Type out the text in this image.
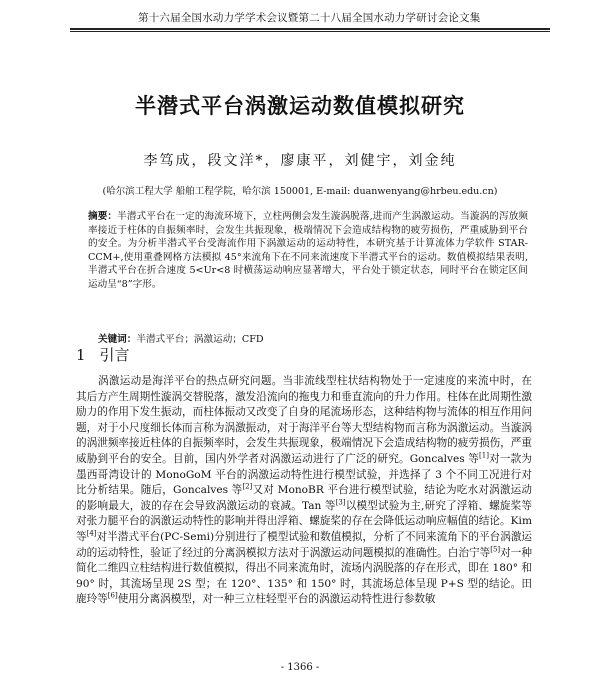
第十六届全国水动力学学术会议暨第二十八届全国水动力学研讨会论文集
半潜式平台涡激运动数值模拟研究
李笃成，段文洋*，廖康平，刘健宇，刘金纯
(哈尔滨工程大学 船舶工程学院，哈尔滨 150001, E-mail: duanwenyang@hrbeu.edu.cn)
摘要：半潜式平台在一定的海流环境下，立柱两侧会发生漩涡脱落,进而产生涡激运动。当漩涡的泻放频率接近于柱体的自振频率时，会发生共振现象，极端情况下会造成结构物的疲劳损伤，严重威胁到平台的安全。为分析半潜式平台受海流作用下涡激运动的运动特性，本研究基于计算流体力学软件 STAR-CCM+,使用重叠网格方法模拟 45°来流角下在不同来流速度下半潜式平台的运动。数值模拟结果表明,半潜式平台在折合速度 5<Ur<8 时横荡运动响应显著增大，平台处于锁定状态，同时平台在锁定区间运动呈“8”字形。
关键词：半潜式平台；涡激运动；CFD
1 引言
涡激运动是海洋平台的热点研究问题。当非流线型柱状结构物处于一定速度的来流中时，在其后方产生周期性漩涡交替脱落，激发沿流向的拖曳力和垂直流向的升力作用。柱体在此周期性激励力的作用下发生振动，而柱体振动又改变了自身的尾流场形态，这种结构物与流体的相互作用问题，对于小尺度细长体而言称为涡激振动，对于海洋平台等大型结构物而言称为涡激运动。当漩涡的涡泄频率接近柱体的自振频率时，会发生共振现象，极端情况下会造成结构物的疲劳损伤，严重威胁到平台的安全。目前，国内外学者对涡激运动进行了广泛的研究。Goncalves 等[1]对一款为墨西哥湾设计的 MonoGoM 平台的涡激运动特性进行模型试验，并选择了 3 个不同工况进行对比分析结果。随后，Goncalves 等[2]又对 MonoBR 平台进行模型试验，结论为吃水对涡激运动的影响最大，波的存在会导致涡激运动的衰减。Tan 等[3]以模型试验为主,研究了浮箱、螺旋桨等对张力腿平台的涡激运动特性的影响并得出浮箱、螺旋桨的存在会降低运动响应幅值的结论。Kim 等[4]对半潜式平台(PC-Semi)分别进行了模型试验和数值模拟，分析了不同来流角下的平台涡激运动的运动特性，验证了经过的分离涡模拟方法对于涡激运动问题模拟的准确性。白治宁等[5]对一种简化二维四立柱结构进行数值模拟，得出不同来流角时，流场内涡脱落的存在形式，即在 180° 和 90° 时，其流场呈现 2S 型；在 120°、135° 和 150° 时，其流场总体呈现 P+S 型的结论。田鹿玲等[6]使用分离涡模型，对一种三立柱轻型平台的涡激运动特性进行参数敏
- 1366 -
